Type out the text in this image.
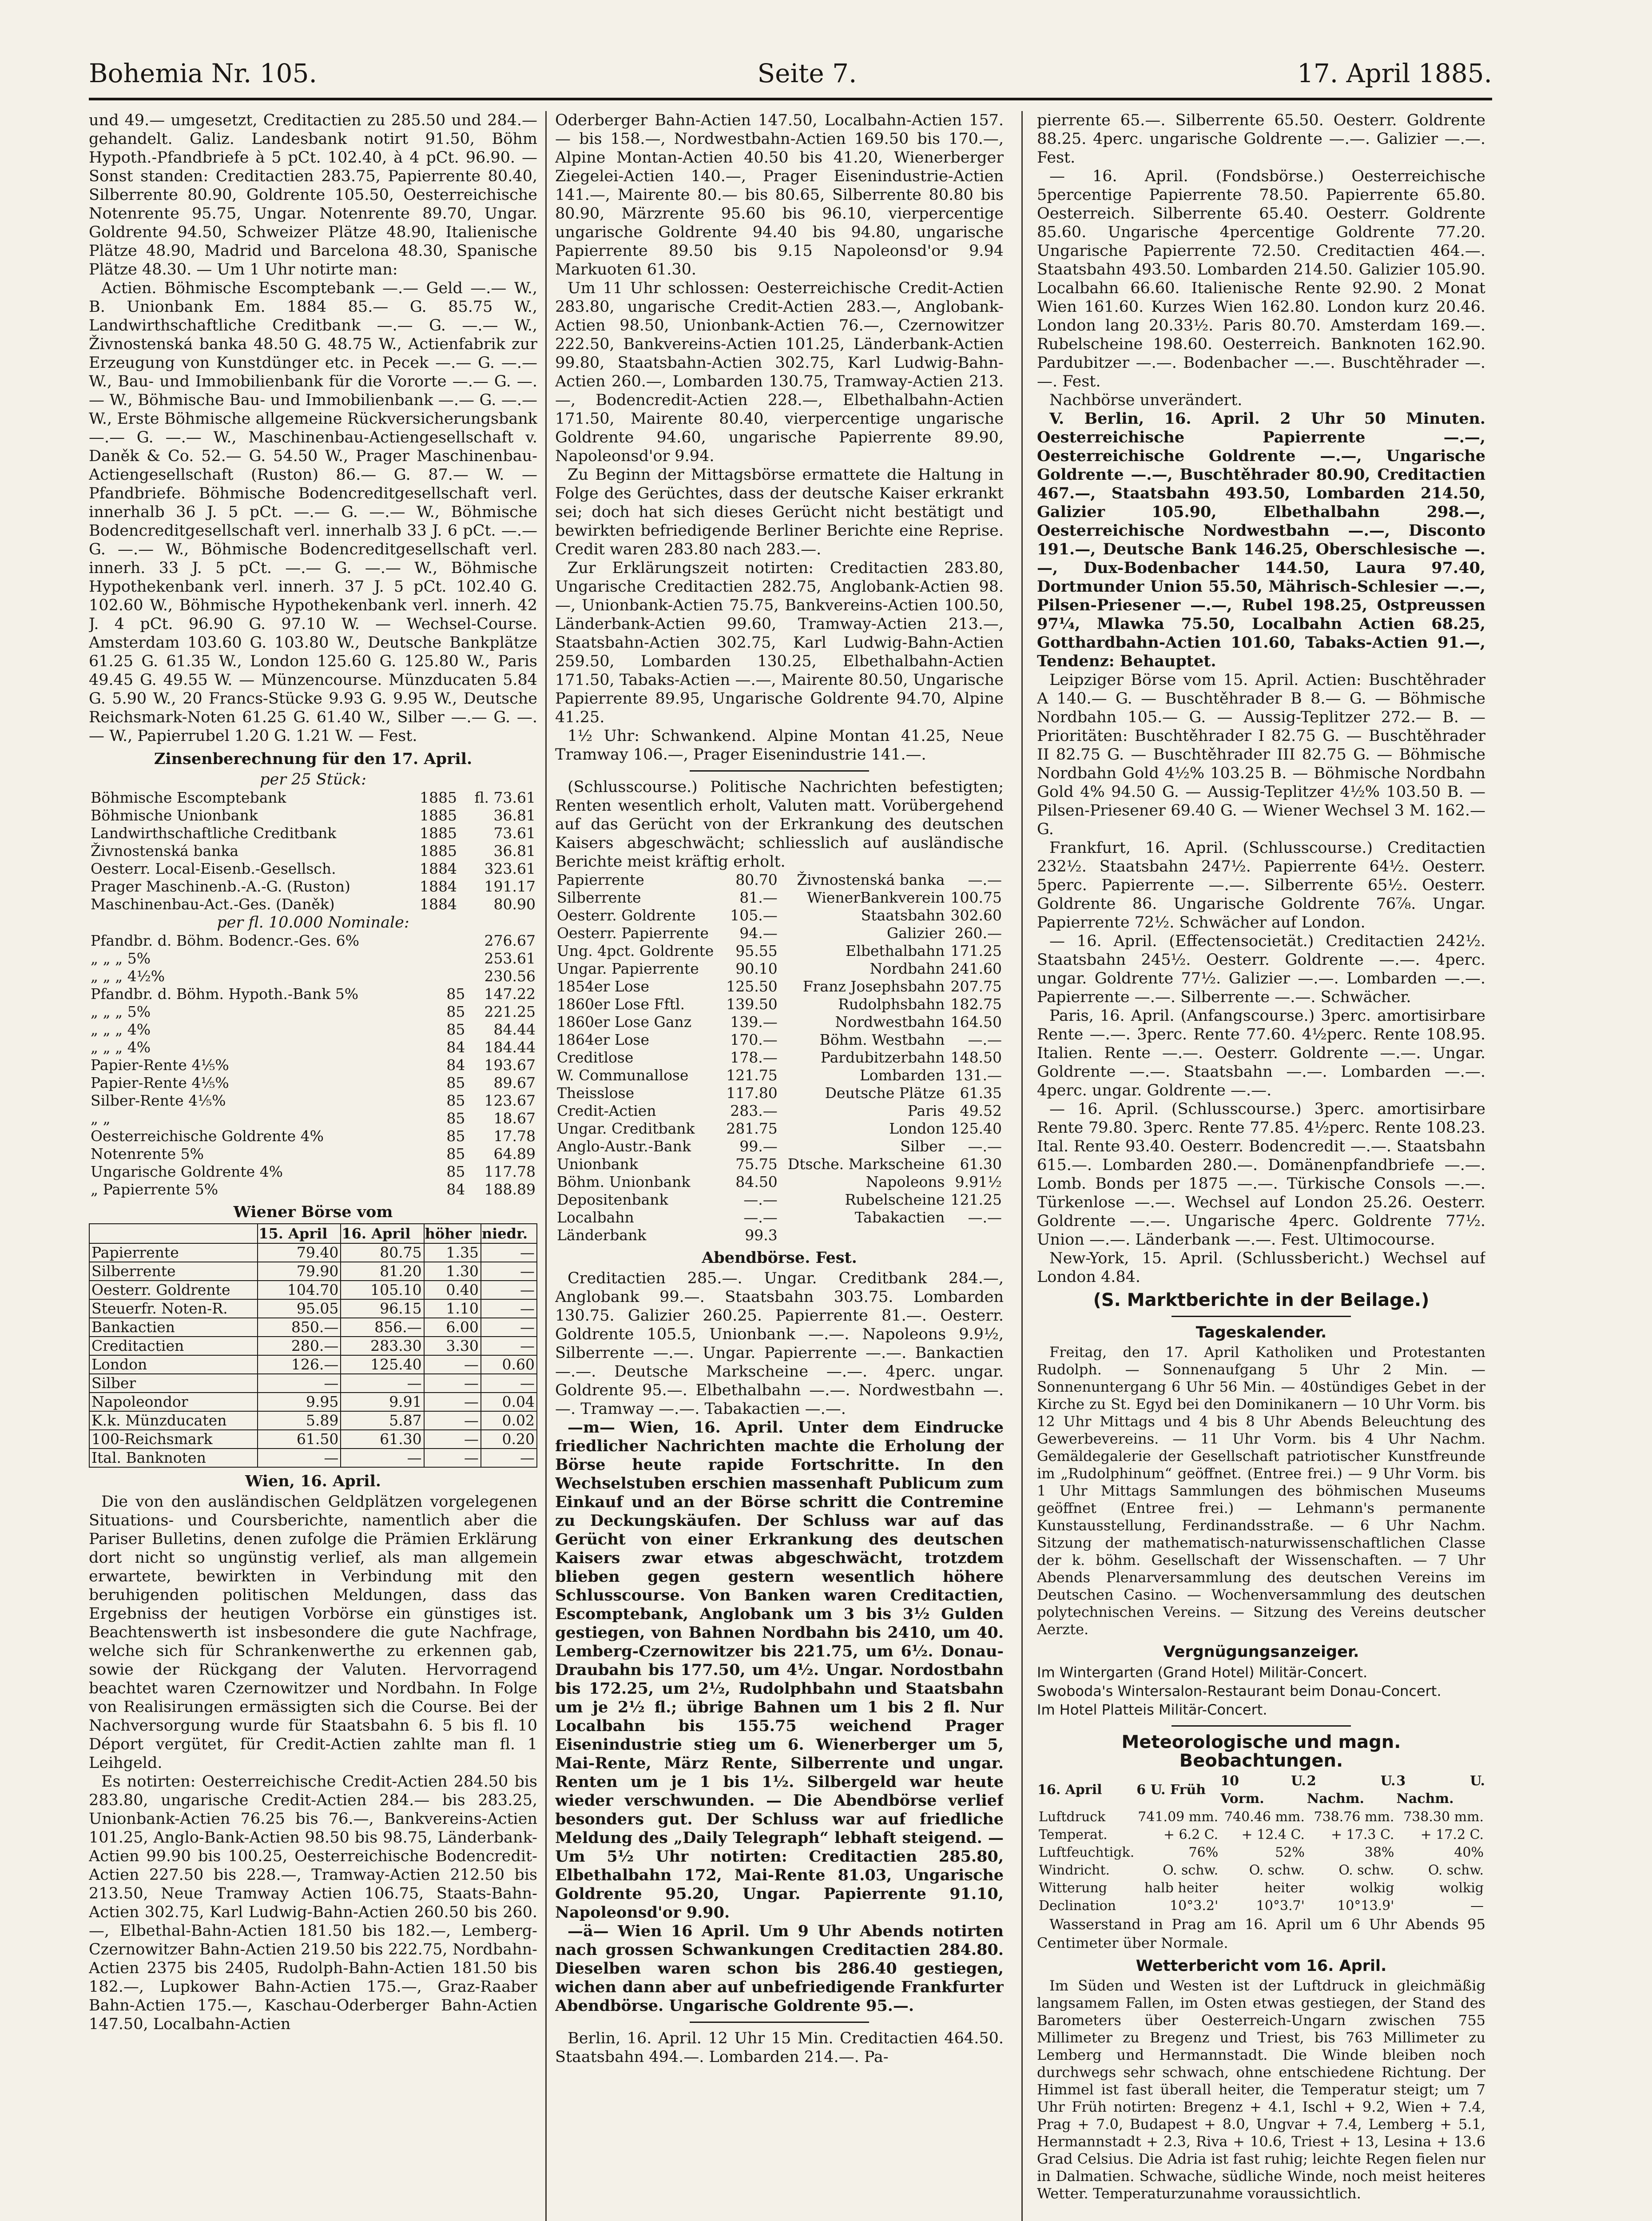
Bohemia Nr. 105.	Seite 7.	17. April 1885.

und 49.— umgesetzt, Creditactien zu 285.50 und 284.— gehandelt. Galiz. Landesbank notirt 91.50, Böhm Hypoth.-Pfandbriefe à 5 pCt. 102.40, à 4 pCt. 96.90. — Sonst standen: Creditactien 283.75, Papierrente 80.40, Silberrente 80.90, Goldrente 105.50, Oesterreichische Notenrente 95.75, Ungar. Notenrente 89.70, Ungar. Goldrente 94.50, Schweizer Plätze 48.90, Italienische Plätze 48.90, Madrid und Barcelona 48.30, Spanische Plätze 48.30. — Um 1 Uhr notirte man:

Actien. Böhmische Escomptebank —.— Geld —.— W., B. Unionbank Em. 1884 85.— G. 85.75 W., Landwirthschaftliche Creditbank —.— G. —.— W., Živnostenská banka 48.50 G. 48.75 W., Actienfabrik zur Erzeugung von Kunstdünger etc. in Pecek —.— G. —.— W., Bau- und Immobilienbank für die Vororte —.— G. —.— W., Böhmische Bau- und Immobilienbank —.— G. —.— W., Erste Böhmische allgemeine Rückversicherungsbank —.— G. —.— W., Maschinenbau-Actiengesellschaft v. Daněk & Co. 52.— G. 54.50 W., Prager Maschinenbau-Actiengesellschaft (Ruston) 86.— G. 87.— W. — Pfandbriefe. Böhmische Bodencreditgesellschaft verl. innerhalb 36 J. 5 pCt. —.— G. —.— W., Böhmische Bodencreditgesellschaft verl. innerhalb 33 J. 6 pCt. —.— G. —.— W., Böhmische Bodencreditgesellschaft verl. innerh. 33 J. 5 pCt. —.— G. —.— W., Böhmische Hypothekenbank verl. innerh. 37 J. 5 pCt. 102.40 G. 102.60 W., Böhmische Hypothekenbank verl. innerh. 42 J. 4 pCt. 96.90 G. 97.10 W. — Wechsel-Course. Amsterdam 103.60 G. 103.80 W., Deutsche Bankplätze 61.25 G. 61.35 W., London 125.60 G. 125.80 W., Paris 49.45 G. 49.55 W. — Münzencourse. Münzducaten 5.84 G. 5.90 W., 20 Francs-Stücke 9.93 G. 9.95 W., Deutsche Reichsmark-Noten 61.25 G. 61.40 W., Silber —.— G. —.— W., Papierrubel 1.20 G. 1.21 W. — Fest.

Zinsenberechnung für den 17. April.
per 25 Stück:
Böhmische Escomptebank	1885	fl. 73.61
Böhmische Unionbank	1885	36.81
Landwirthschaftliche Creditbank	1885	73.61
Živnostenská banka	1885	36.81
Oesterr. Local-Eisenb.-Gesellsch.	1884	323.61
Prager Maschinenb.-A.-G. (Ruston)	1884	191.17
Maschinenbau-Act.-Ges. (Daněk)	1884	80.90
per fl. 10.000 Nominale:
Pfandbr. d. Böhm. Bodencr.-Ges. 6%		276.67
„ „ „ 5%		253.61
„ „ „ 4½%		230.56
Pfandbr. d. Böhm. Hypoth.-Bank 5%	85	147.22
„ „ „ 5%	85	221.25
„ „ „ 4%	85	84.44
„ „ „ 4%	84	184.44
Papier-Rente 4⅕%	84	193.67
Papier-Rente 4⅕%	85	89.67
Silber-Rente 4⅕%	85	123.67
„ „	85	18.67
Oesterreichische Goldrente 4%	85	17.78
Notenrente 5%	85	64.89
Ungarische Goldrente 4%	85	117.78
„ Papierrente 5%	84	188.89
Wiener Börse vom
	15. April	16. April	höher	niedr.
Papierrente	79.40	80.75	1.35	—
Silberrente	79.90	81.20	1.30	—
Oesterr. Goldrente	104.70	105.10	0.40	—
Steuerfr. Noten-R.	95.05	96.15	1.10	—
Bankactien	850.—	856.—	6.00	—
Creditactien	280.—	283.30	3.30	—
London	126.—	125.40	—	0.60
Silber	—	—	—	—
Napoleondor	9.95	9.91	—	0.04
K.k. Münzducaten	5.89	5.87	—	0.02
100-Reichsmark	61.50	61.30	—	0.20
Ital. Banknoten	—	—	—	—
Wien, 16. April.

Die von den ausländischen Geldplätzen vorgelegenen Situations- und Coursberichte, namentlich aber die Pariser Bulletins, denen zufolge die Prämien Erklärung dort nicht so ungünstig verlief, als man allgemein erwartete, bewirkten in Verbindung mit den beruhigenden politischen Meldungen, dass das Ergebniss der heutigen Vorbörse ein günstiges ist. Beachtenswerth ist insbesondere die gute Nachfrage, welche sich für Schrankenwerthe zu erkennen gab, sowie der Rückgang der Valuten. Hervorragend beachtet waren Czernowitzer und Nordbahn. In Folge von Realisirungen ermässigten sich die Course. Bei der Nachversorgung wurde für Staatsbahn 6. 5 bis fl. 10 Déport vergütet, für Credit-Actien zahlte man fl. 1 Leihgeld.

Es notirten: Oesterreichische Credit-Actien 284.50 bis 283.80, ungarische Credit-Actien 284.— bis 283.25, Unionbank-Actien 76.25 bis 76.—, Bankvereins-Actien 101.25, Anglo-Bank-Actien 98.50 bis 98.75, Länderbank-Actien 99.90 bis 100.25, Oesterreichische Bodencredit-Actien 227.50 bis 228.—, Tramway-Actien 212.50 bis 213.50, Neue Tramway Actien 106.75, Staats-Bahn-Actien 302.75, Karl Ludwig-Bahn-Actien 260.50 bis 260.—, Elbethal-Bahn-Actien 181.50 bis 182.—, Lemberg-Czernowitzer Bahn-Actien 219.50 bis 222.75, Nordbahn-Actien 2375 bis 2405, Rudolph-Bahn-Actien 181.50 bis 182.—, Lupkower Bahn-Actien 175.—, Graz-Raaber Bahn-Actien 175.—, Kaschau-Oderberger Bahn-Actien 147.50, Localbahn-Actien

Oderberger Bahn-Actien 147.50, Localbahn-Actien 157.— bis 158.—, Nordwestbahn-Actien 169.50 bis 170.—, Alpine Montan-Actien 40.50 bis 41.20, Wienerberger Ziegelei-Actien 140.—, Prager Eisenindustrie-Actien 141.—, Mairente 80.— bis 80.65, Silberrente 80.80 bis 80.90, Märzrente 95.60 bis 96.10, vierpercentige ungarische Goldrente 94.40 bis 94.80, ungarische Papierrente 89.50 bis 9.15 Napoleonsd'or 9.94 Markuoten 61.30.

Um 11 Uhr schlossen: Oesterreichische Credit-Actien 283.80, ungarische Credit-Actien 283.—, Anglobank-Actien 98.50, Unionbank-Actien 76.—, Czernowitzer 222.50, Bankvereins-Actien 101.25, Länderbank-Actien 99.80, Staatsbahn-Actien 302.75, Karl Ludwig-Bahn-Actien 260.—, Lombarden 130.75, Tramway-Actien 213.—, Bodencredit-Actien 228.—, Elbethalbahn-Actien 171.50, Mairente 80.40, vierpercentige ungarische Goldrente 94.60, ungarische Papierrente 89.90, Napoleonsd'or 9.94.

Zu Beginn der Mittagsbörse ermattete die Haltung in Folge des Gerüchtes, dass der deutsche Kaiser erkrankt sei; doch hat sich dieses Gerücht nicht bestätigt und bewirkten befriedigende Berliner Berichte eine Reprise. Credit waren 283.80 nach 283.—.

Zur Erklärungszeit notirten: Creditactien 283.80, Ungarische Creditactien 282.75, Anglobank-Actien 98.—, Unionbank-Actien 75.75, Bankvereins-Actien 100.50, Länderbank-Actien 99.60, Tramway-Actien 213.—, Staatsbahn-Actien 302.75, Karl Ludwig-Bahn-Actien 259.50, Lombarden 130.25, Elbethalbahn-Actien 171.50, Tabaks-Actien —.—, Mairente 80.50, Ungarische Papierrente 89.95, Ungarische Goldrente 94.70, Alpine 41.25.

1½ Uhr: Schwankend. Alpine Montan 41.25, Neue Tramway 106.—, Prager Eisenindustrie 141.—.

(Schlusscourse.) Politische Nachrichten befestigten; Renten wesentlich erholt, Valuten matt. Vorübergehend auf das Gerücht von der Erkrankung des deutschen Kaisers abgeschwächt; schliesslich auf ausländische Berichte meist kräftig erholt.

Papierrente	80.70	Živnostenská banka	—.—
Silberrente	81.—	WienerBankverein	100.75
Oesterr. Goldrente	105.—	Staatsbahn	302.60
Oesterr. Papierrente	94.—	Galizier	260.—
Ung. 4pct. Goldrente	95.55	Elbethalbahn	171.25
Ungar. Papierrente	90.10	Nordbahn	241.60
1854er Lose	125.50	Franz Josephsbahn	207.75
1860er Lose Fftl.	139.50	Rudolphsbahn	182.75
1860er Lose Ganz	139.—	Nordwestbahn	164.50
1864er Lose	170.—	Böhm. Westbahn	—.—
Creditlose	178.—	Pardubitzerbahn	148.50
W. Communallose	121.75	Lombarden	131.—
Theisslose	117.80	Deutsche Plätze	61.35
Credit-Actien	283.—	Paris	49.52
Ungar. Creditbank	281.75	London	125.40
Anglo-Austr.-Bank	99.—	Silber	—.—
Unionbank	75.75	Dtsche. Markscheine	61.30
Böhm. Unionbank	84.50	Napoleons	9.91½
Depositenbank	—.—	Rubelscheine	121.25
Localbahn	—.—	Tabakactien	—.—
Länderbank	99.3		
Abendbörse. Fest.

Creditactien 285.—. Ungar. Creditbank 284.—, Anglobank 99.—. Staatsbahn 303.75. Lombarden 130.75. Galizier 260.25. Papierrente 81.—. Oesterr. Goldrente 105.5, Unionbank —.—. Napoleons 9.9½, Silberrente —.—. Ungar. Papierrente —.—. Bankactien —.—. Deutsche Markscheine —.—. 4perc. ungar. Goldrente 95.—. Elbethalbahn —.—. Nordwestbahn —.—. Tramway —.—. Tabakactien —.—.

—m— Wien, 16. April. Unter dem Eindrucke friedlicher Nachrichten machte die Erholung der Börse heute rapide Fortschritte. In den Wechselstuben erschien massenhaft Publicum zum Einkauf und an der Börse schritt die Contremine zu Deckungskäufen. Der Schluss war auf das Gerücht von einer Erkrankung des deutschen Kaisers zwar etwas abgeschwächt, trotzdem blieben gegen gestern wesentlich höhere Schlusscourse. Von Banken waren Creditactien, Escomptebank, Anglobank um 3 bis 3½ Gulden gestiegen, von Bahnen Nordbahn bis 2410, um 40. Lemberg-Czernowitzer bis 221.75, um 6½. Donau-Draubahn bis 177.50, um 4½. Ungar. Nordostbahn bis 172.25, um 2½, Rudolphbahn und Staatsbahn um je 2½ fl.; übrige Bahnen um 1 bis 2 fl. Nur Localbahn bis 155.75 weichend Prager Eisenindustrie stieg um 6. Wienerberger um 5, Mai-Rente, März Rente, Silberrente und ungar. Renten um je 1 bis 1½. Silbergeld war heute wieder verschwunden. — Die Abendbörse verlief besonders gut. Der Schluss war auf friedliche Meldung des „Daily Telegraph“ lebhaft steigend. — Um 5½ Uhr notirten: Creditactien 285.80, Elbethalbahn 172, Mai-Rente 81.03, Ungarische Goldrente 95.20, Ungar. Papierrente 91.10, Napoleonsd'or 9.90.

—ä— Wien 16 April. Um 9 Uhr Abends notirten nach grossen Schwankungen Creditactien 284.80. Dieselben waren schon bis 286.40 gestiegen, wichen dann aber auf unbefriedigende Frankfurter Abendbörse. Ungarische Goldrente 95.—.

Berlin, 16. April. 12 Uhr 15 Min. Creditactien 464.50. Staatsbahn 494.—. Lombarden 214.—. Pa-

pierrente 65.—. Silberrente 65.50. Oesterr. Goldrente 88.25. 4perc. ungarische Goldrente —.—. Galizier —.—. Fest.

— 16. April. (Fondsbörse.) Oesterreichische 5percentige Papierrente 78.50. Papierrente 65.80. Oesterreich. Silberrente 65.40. Oesterr. Goldrente 85.60. Ungarische 4percentige Goldrente 77.20. Ungarische Papierrente 72.50. Creditactien 464.—. Staatsbahn 493.50. Lombarden 214.50. Galizier 105.90. Localbahn 66.60. Italienische Rente 92.90. 2 Monat Wien 161.60. Kurzes Wien 162.80. London kurz 20.46. London lang 20.33½. Paris 80.70. Amsterdam 169.—. Rubelscheine 198.60. Oesterreich. Banknoten 162.90. Pardubitzer —.—. Bodenbacher —.—. Buschtěhrader —.—. Fest.

Nachbörse unverändert.

V. Berlin, 16. April. 2 Uhr 50 Minuten. Oesterreichische Papierrente —.—, Oesterreichische Goldrente —.—, Ungarische Goldrente —.—, Buschtěhrader 80.90, Creditactien 467.—, Staatsbahn 493.50, Lombarden 214.50, Galizier 105.90, Elbethalbahn 298.—, Oesterreichische Nordwestbahn —.—, Disconto 191.—, Deutsche Bank 146.25, Oberschlesische —.—, Dux-Bodenbacher 144.50, Laura 97.40, Dortmunder Union 55.50, Mährisch-Schlesier —.—, Pilsen-Priesener —.—, Rubel 198.25, Ostpreussen 97¼, Mlawka 75.50, Localbahn Actien 68.25, Gotthardbahn-Actien 101.60, Tabaks-Actien 91.—, Tendenz: Behauptet.

Leipziger Börse vom 15. April. Actien: Buschtěhrader A 140.— G. — Buschtěhrader B 8.— G. — Böhmische Nordbahn 105.— G. — Aussig-Teplitzer 272.— B. — Prioritäten: Buschtěhrader I 82.75 G. — Buschtěhrader II 82.75 G. — Buschtěhrader III 82.75 G. — Böhmische Nordbahn Gold 4½% 103.25 B. — Böhmische Nordbahn Gold 4% 94.50 G. — Aussig-Teplitzer 4½% 103.50 B. — Pilsen-Priesener 69.40 G. — Wiener Wechsel 3 M. 162.— G.

Frankfurt, 16. April. (Schlusscourse.) Creditactien 232½. Staatsbahn 247½. Papierrente 64½. Oesterr. 5perc. Papierrente —.—. Silberrente 65½. Oesterr. Goldrente 86. Ungarische Goldrente 76⅞. Ungar. Papierrente 72½. Schwächer auf London.

— 16. April. (Effectensocietät.) Creditactien 242½. Staatsbahn 245½. Oesterr. Goldrente —.—. 4perc. ungar. Goldrente 77½. Galizier —.—. Lombarden —.—. Papierrente —.—. Silberrente —.—. Schwächer.

Paris, 16. April. (Anfangscourse.) 3perc. amortisirbare Rente —.—. 3perc. Rente 77.60. 4½perc. Rente 108.95. Italien. Rente —.—. Oesterr. Goldrente —.—. Ungar. Goldrente —.—. Staatsbahn —.—. Lombarden —.—. 4perc. ungar. Goldrente —.—.

— 16. April. (Schlusscourse.) 3perc. amortisirbare Rente 79.80. 3perc. Rente 77.85. 4½perc. Rente 108.23. Ital. Rente 93.40. Oesterr. Bodencredit —.—. Staatsbahn 615.—. Lombarden 280.—. Domänenpfandbriefe —.—. Lomb. Bonds per 1875 —.—. Türkische Consols —.—. Türkenlose —.—. Wechsel auf London 25.26. Oesterr. Goldrente —.—. Ungarische 4perc. Goldrente 77½. Union —.—. Länderbank —.—. Fest. Ultimocourse.

New-York, 15. April. (Schlussbericht.) Wechsel auf London 4.84.

(S. Marktberichte in der Beilage.)
Tageskalender.

Freitag, den 17. April Katholiken und Protestanten Rudolph. — Sonnenaufgang 5 Uhr 2 Min. — Sonnenuntergang 6 Uhr 56 Min. — 40stündiges Gebet in der Kirche zu St. Egyd bei den Dominikanern — 10 Uhr Vorm. bis 12 Uhr Mittags und 4 bis 8 Uhr Abends Beleuchtung des Gewerbevereins. — 11 Uhr Vorm. bis 4 Uhr Nachm. Gemäldegalerie der Gesellschaft patriotischer Kunstfreunde im „Rudolphinum“ geöffnet. (Entree frei.) — 9 Uhr Vorm. bis 1 Uhr Mittags Sammlungen des böhmischen Museums geöffnet (Entree frei.) — Lehmann's permanente Kunstausstellung, Ferdinandsstraße. — 6 Uhr Nachm. Sitzung der mathematisch-naturwissenschaftlichen Classe der k. böhm. Gesellschaft der Wissenschaften. — 7 Uhr Abends Plenarversammlung des deutschen Vereins im Deutschen Casino. — Wochenversammlung des deutschen polytechnischen Vereins. — Sitzung des Vereins deutscher Aerzte.

Vergnügungsanzeiger.
Im Wintergarten (Grand Hotel) Militär-Concert.
Swoboda's Wintersalon-Restaurant beim Donau-Concert.
Im Hotel Platteis Militär-Concert.
Meteorologische und magn. Beobachtungen.
16. April	6 U. Früh	10 U. Vorm.	2 U. Nachm.	3 U. Nachm.
Luftdruck	741.09 mm.	740.46 mm.	738.76 mm.	738.30 mm.
Temperat.	+ 6.2 C.	+ 12.4 C.	+ 17.3 C.	+ 17.2 C.
Luftfeuchtigk.	76%	52%	38%	40%
Windricht.	O. schw.	O. schw.	O. schw.	O. schw.
Witterung	halb heiter	heiter	wolkig	wolkig
Declination	10°3.2'	10°3.7'	10°13.9'	—

Wasserstand in Prag am 16. April um 6 Uhr Abends 95 Centimeter über Normale.

Wetterbericht vom 16. April.

Im Süden und Westen ist der Luftdruck in gleichmäßig langsamem Fallen, im Osten etwas gestiegen, der Stand des Barometers über Oesterreich-Ungarn zwischen 755 Millimeter zu Bregenz und Triest, bis 763 Millimeter zu Lemberg und Hermannstadt. Die Winde bleiben noch durchwegs sehr schwach, ohne entschiedene Richtung. Der Himmel ist fast überall heiter, die Temperatur steigt; um 7 Uhr Früh notirten: Bregenz + 4.1, Ischl + 9.2, Wien + 7.4, Prag + 7.0, Budapest + 8.0, Ungvar + 7.4, Lemberg + 5.1, Hermannstadt + 2.3, Riva + 10.6, Triest + 13, Lesina + 13.6 Grad Celsius. Die Adria ist fast ruhig; leichte Regen fielen nur in Dalmatien. Schwache, südliche Winde, noch meist heiteres Wetter. Temperaturzunahme voraussichtlich.
